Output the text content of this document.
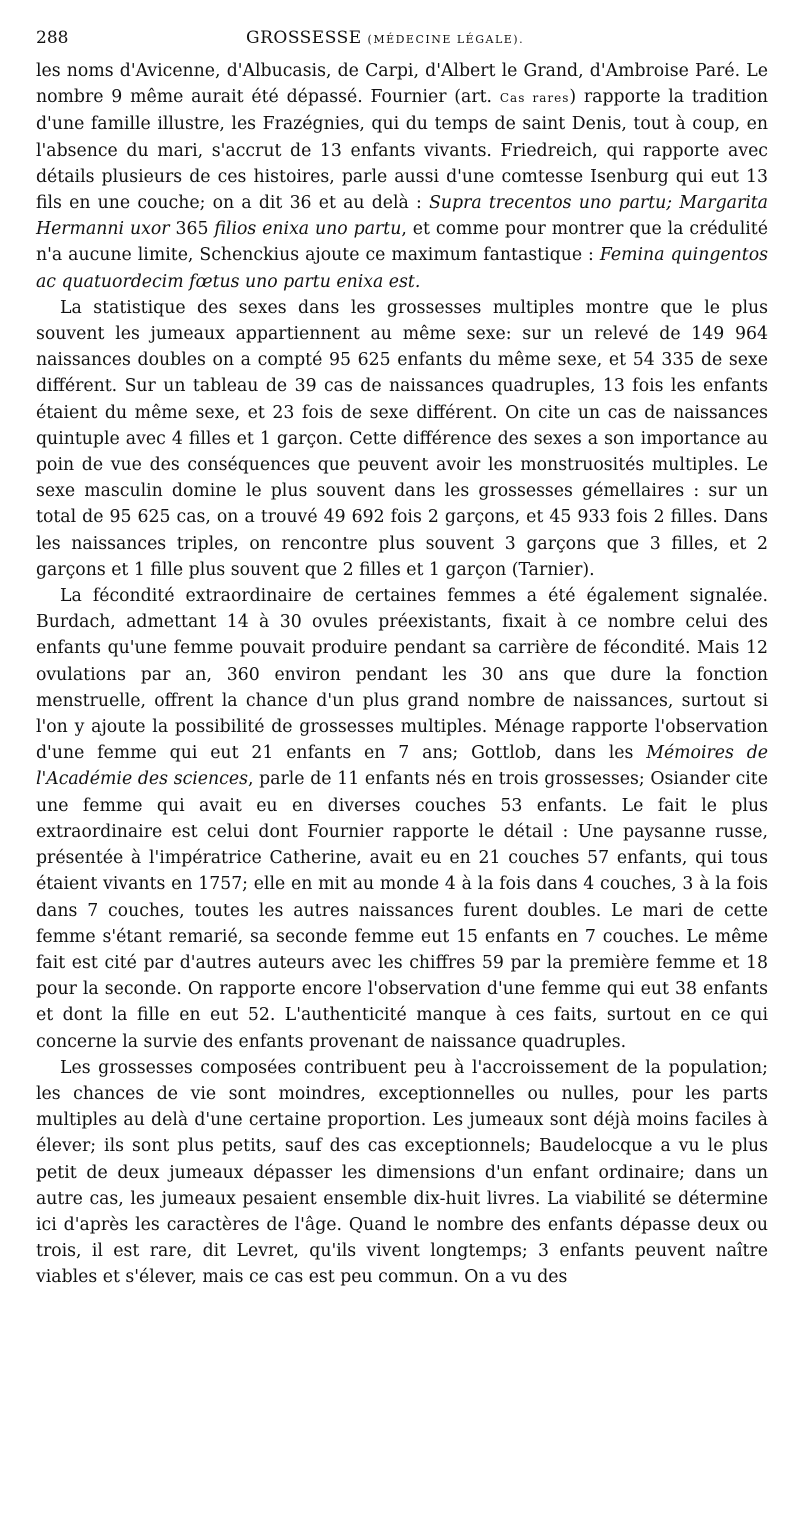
288	GROSSESSE (MÉDECINE LÉGALE).

les noms d'Avicenne, d'Albucasis, de Carpi, d'Albert le Grand, d'Ambroise Paré. Le nombre 9 même aurait été dépassé. Fournier (art. Cas rares) rapporte la tradition d'une famille illustre, les Frazégnies, qui du temps de saint Denis, tout à coup, en l'absence du mari, s'accrut de 13 enfants vivants. Friedreich, qui rapporte avec détails plusieurs de ces histoires, parle aussi d'une comtesse Isenburg qui eut 13 fils en une couche; on a dit 36 et au delà : Supra trecentos uno partu; Margarita Hermanni uxor 365 filios enixa uno partu, et comme pour montrer que la crédulité n'a aucune limite, Schenckius ajoute ce maximum fantastique : Femina quingentos ac quatuordecim fœtus uno partu enixa est.

La statistique des sexes dans les grossesses multiples montre que le plus souvent les jumeaux appartiennent au même sexe: sur un relevé de 149 964 naissances doubles on a compté 95 625 enfants du même sexe, et 54 335 de sexe différent. Sur un tableau de 39 cas de naissances quadruples, 13 fois les enfants étaient du même sexe, et 23 fois de sexe différent. On cite un cas de naissances quintuple avec 4 filles et 1 garçon. Cette différence des sexes a son importance au poin de vue des conséquences que peuvent avoir les monstruosités multiples. Le sexe masculin domine le plus souvent dans les grossesses gémellaires : sur un total de 95 625 cas, on a trouvé 49 692 fois 2 garçons, et 45 933 fois 2 filles. Dans les naissances triples, on rencontre plus souvent 3 garçons que 3 filles, et 2 garçons et 1 fille plus souvent que 2 filles et 1 garçon (Tarnier).

La fécondité extraordinaire de certaines femmes a été également signalée. Burdach, admettant 14 à 30 ovules préexistants, fixait à ce nombre celui des enfants qu'une femme pouvait produire pendant sa carrière de fécondité. Mais 12 ovulations par an, 360 environ pendant les 30 ans que dure la fonction menstruelle, offrent la chance d'un plus grand nombre de naissances, surtout si l'on y ajoute la possibilité de grossesses multiples. Ménage rapporte l'observation d'une femme qui eut 21 enfants en 7 ans; Gottlob, dans les Mémoires de l'Académie des sciences, parle de 11 enfants nés en trois grossesses; Osiander cite une femme qui avait eu en diverses couches 53 enfants. Le fait le plus extraordinaire est celui dont Fournier rapporte le détail : Une paysanne russe, présentée à l'impératrice Catherine, avait eu en 21 couches 57 enfants, qui tous étaient vivants en 1757; elle en mit au monde 4 à la fois dans 4 couches, 3 à la fois dans 7 couches, toutes les autres naissances furent doubles. Le mari de cette femme s'étant remarié, sa seconde femme eut 15 enfants en 7 couches. Le même fait est cité par d'autres auteurs avec les chiffres 59 par la première femme et 18 pour la seconde. On rapporte encore l'observation d'une femme qui eut 38 enfants et dont la fille en eut 52. L'authenticité manque à ces faits, surtout en ce qui concerne la survie des enfants provenant de naissance quadruples.

Les grossesses composées contribuent peu à l'accroissement de la population; les chances de vie sont moindres, exceptionnelles ou nulles, pour les parts multiples au delà d'une certaine proportion. Les jumeaux sont déjà moins faciles à élever; ils sont plus petits, sauf des cas exceptionnels; Baudelocque a vu le plus petit de deux jumeaux dépasser les dimensions d'un enfant ordinaire; dans un autre cas, les jumeaux pesaient ensemble dix-huit livres. La viabilité se détermine ici d'après les caractères de l'âge. Quand le nombre des enfants dépasse deux ou trois, il est rare, dit Levret, qu'ils vivent longtemps; 3 enfants peuvent naître viables et s'élever, mais ce cas est peu commun. On a vu des
